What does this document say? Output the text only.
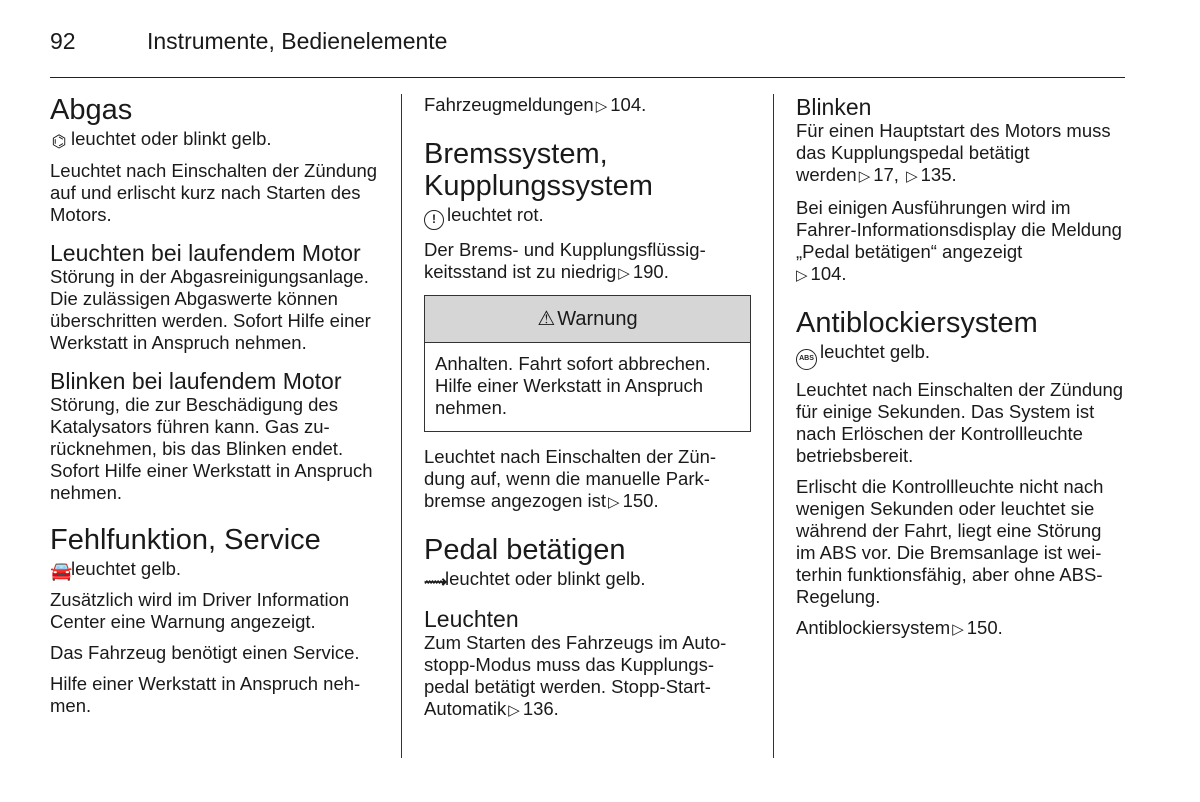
92	Instrumente, Bedienelemente
Abgas

⌬ leuchtet oder blinkt gelb.

Leuchtet nach Einschalten der Zündung auf und erlischt kurz nach Starten des Motors.

Leuchten bei laufendem Motor

Störung in der Abgasreinigungsanlage. Die zulässigen Abgaswerte können überschritten werden. Sofort Hilfe einer Werkstatt in Anspruch nehmen.

Blinken bei laufendem Motor

Störung, die zur Beschädigung des Katalysators führen kann. Gas zurücknehmen, bis das Blinken endet. Sofort Hilfe einer Werkstatt in Anspruch nehmen.

Fehlfunktion, Service

🚘leuchtet gelb.

Zusätzlich wird im Driver Information Center eine Warnung angezeigt.

Das Fahrzeug benötigt einen Service.

Hilfe einer Werkstatt in Anspruch nehmen.

Fahrzeugmeldungen ▷ 104.

Bremssystem,
Kupplungssystem

! leuchtet rot.

Der Brems- und Kupplungsflüssigkeitsstand ist zu niedrig ▷ 190.

⚠ Warnung

Anhalten. Fahrt sofort abbrechen. Hilfe einer Werkstatt in Anspruch nehmen.

Leuchtet nach Einschalten der Zündung auf, wenn die manuelle Parkbremse angezogen ist ▷ 150.

Pedal betätigen

⟿leuchtet oder blinkt gelb.

Leuchten

Zum Starten des Fahrzeugs im Autostopp-Modus muss das Kupplungspedal betätigt werden. Stopp-Start-Automatik ▷ 136.

Blinken

Für einen Hauptstart des Motors muss das Kupplungspedal betätigt werden ▷ 17, ▷ 135.

Bei einigen Ausführungen wird im Fahrer-Informationsdisplay die Meldung „Pedal betätigen“ angezeigt
▷ 104.

Antiblockiersystem

ABS leuchtet gelb.

Leuchtet nach Einschalten der Zündung für einige Sekunden. Das System ist nach Erlöschen der Kontrollleuchte betriebsbereit.

Erlischt die Kontrollleuchte nicht nach wenigen Sekunden oder leuchtet sie während der Fahrt, liegt eine Störung im ABS vor. Die Bremsanlage ist weiterhin funktionsfähig, aber ohne ABS-Regelung.

Antiblockiersystem ▷ 150.
